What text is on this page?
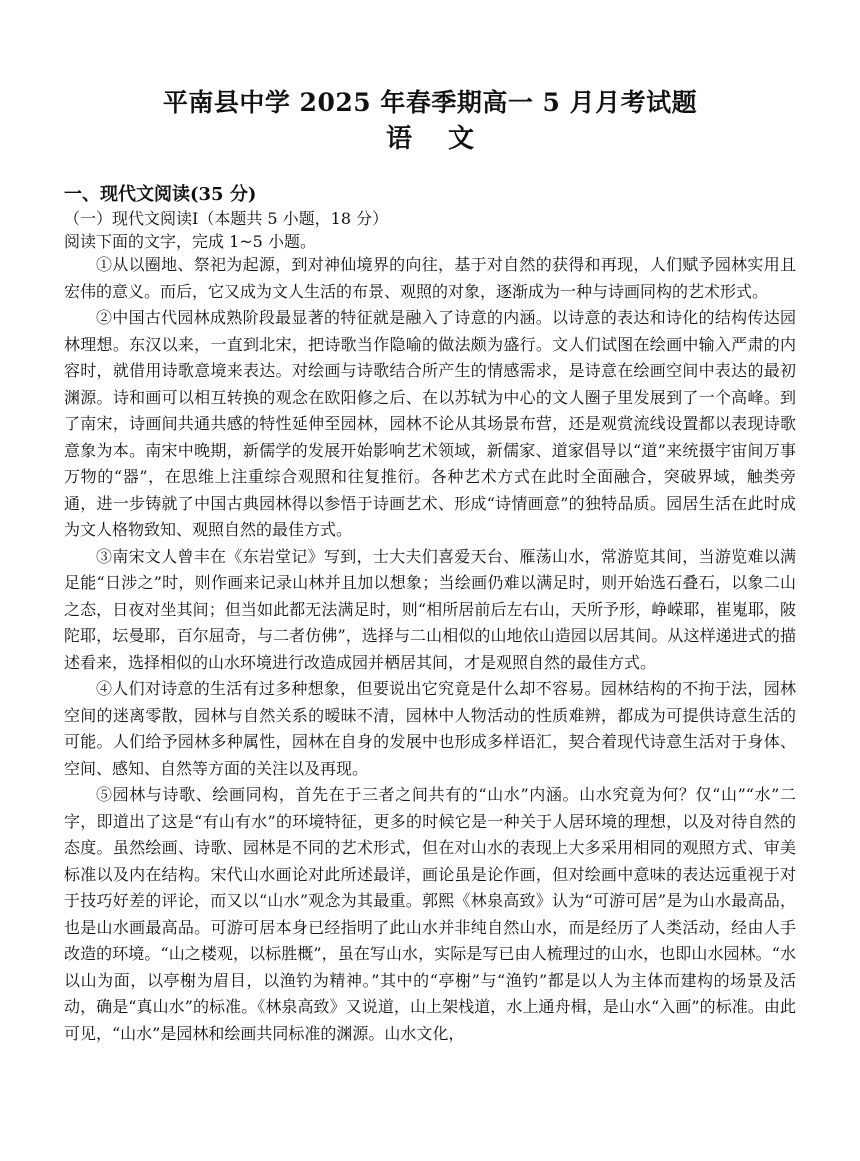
平南县中学 2025 年春季期高一 5 月月考试题
语文
一、现代文阅读(35 分)
（一）现代文阅读Ⅰ（本题共 5 小题，18 分）
阅读下面的文字，完成 1~5 小题。

①从以圈地、祭祀为起源，到对神仙境界的向往，基于对自然的获得和再现，人们赋予园林实用且宏伟的意义。而后，它又成为文人生活的布景、观照的对象，逐渐成为一种与诗画同构的艺术形式。

②中国古代园林成熟阶段最显著的特征就是融入了诗意的内涵。以诗意的表达和诗化的结构传达园林理想。东汉以来，一直到北宋，把诗歌当作隐喻的做法颇为盛行。文人们试图在绘画中输入严肃的内容时，就借用诗歌意境来表达。对绘画与诗歌结合所产生的情感需求，是诗意在绘画空间中表达的最初渊源。诗和画可以相互转换的观念在欧阳修之后、在以苏轼为中心的文人圈子里发展到了一个高峰。到了南宋，诗画间共通共感的特性延伸至园林，园林不论从其场景布营，还是观赏流线设置都以表现诗歌意象为本。南宋中晚期，新儒学的发展开始影响艺术领域，新儒家、道家倡导以“道”来统摄宇宙间万事万物的“器”，在思维上注重综合观照和往复推衍。各种艺术方式在此时全面融合，突破界域，触类旁通，进一步铸就了中国古典园林得以参悟于诗画艺术、形成“诗情画意”的独特品质。园居生活在此时成为文人格物致知、观照自然的最佳方式。

③南宋文人曾丰在《东岩堂记》写到，士大夫们喜爱天台、雁荡山水，常游览其间，当游览难以满足能“日涉之”时，则作画来记录山林并且加以想象；当绘画仍难以满足时，则开始选石叠石，以象二山之态，日夜对坐其间；但当如此都无法满足时，则“相所居前后左右山，天所予形，峥嵘耶，崔嵬耶，陂陀耶，坛曼耶，百尔屈奇，与二者仿佛”，选择与二山相似的山地依山造园以居其间。从这样递进式的描述看来，选择相似的山水环境进行改造成园并栖居其间，才是观照自然的最佳方式。

④人们对诗意的生活有过多种想象，但要说出它究竟是什么却不容易。园林结构的不拘于法，园林空间的迷离零散，园林与自然关系的暧昧不清，园林中人物活动的性质难辨，都成为可提供诗意生活的可能。人们给予园林多种属性，园林在自身的发展中也形成多样语汇，契合着现代诗意生活对于身体、空间、感知、自然等方面的关注以及再现。

⑤园林与诗歌、绘画同构，首先在于三者之间共有的“山水”内涵。山水究竟为何？仅“山”“水”二字，即道出了这是“有山有水”的环境特征，更多的时候它是一种关于人居环境的理想，以及对待自然的态度。虽然绘画、诗歌、园林是不同的艺术形式，但在对山水的表现上大多采用相同的观照方式、审美标准以及内在结构。宋代山水画论对此所述最详，画论虽是论作画，但对绘画中意味的表达远重视于对于技巧好差的评论，而又以“山水”观念为其最重。郭熙《林泉高致》认为“可游可居”是为山水最高品，也是山水画最高品。可游可居本身已经指明了此山水并非纯自然山水，而是经历了人类活动，经由人手改造的环境。“山之楼观，以标胜概”，虽在写山水，实际是写已由人梳理过的山水，也即山水园林。“水以山为面，以亭榭为眉目，以渔钓为精神。”其中的“亭榭”与“渔钓”都是以人为主体而建构的场景及活动，确是“真山水”的标准。《林泉高致》又说道，山上架栈道，水上通舟楫，是山水“入画”的标准。由此可见，“山水”是园林和绘画共同标准的渊源。山水文化，
